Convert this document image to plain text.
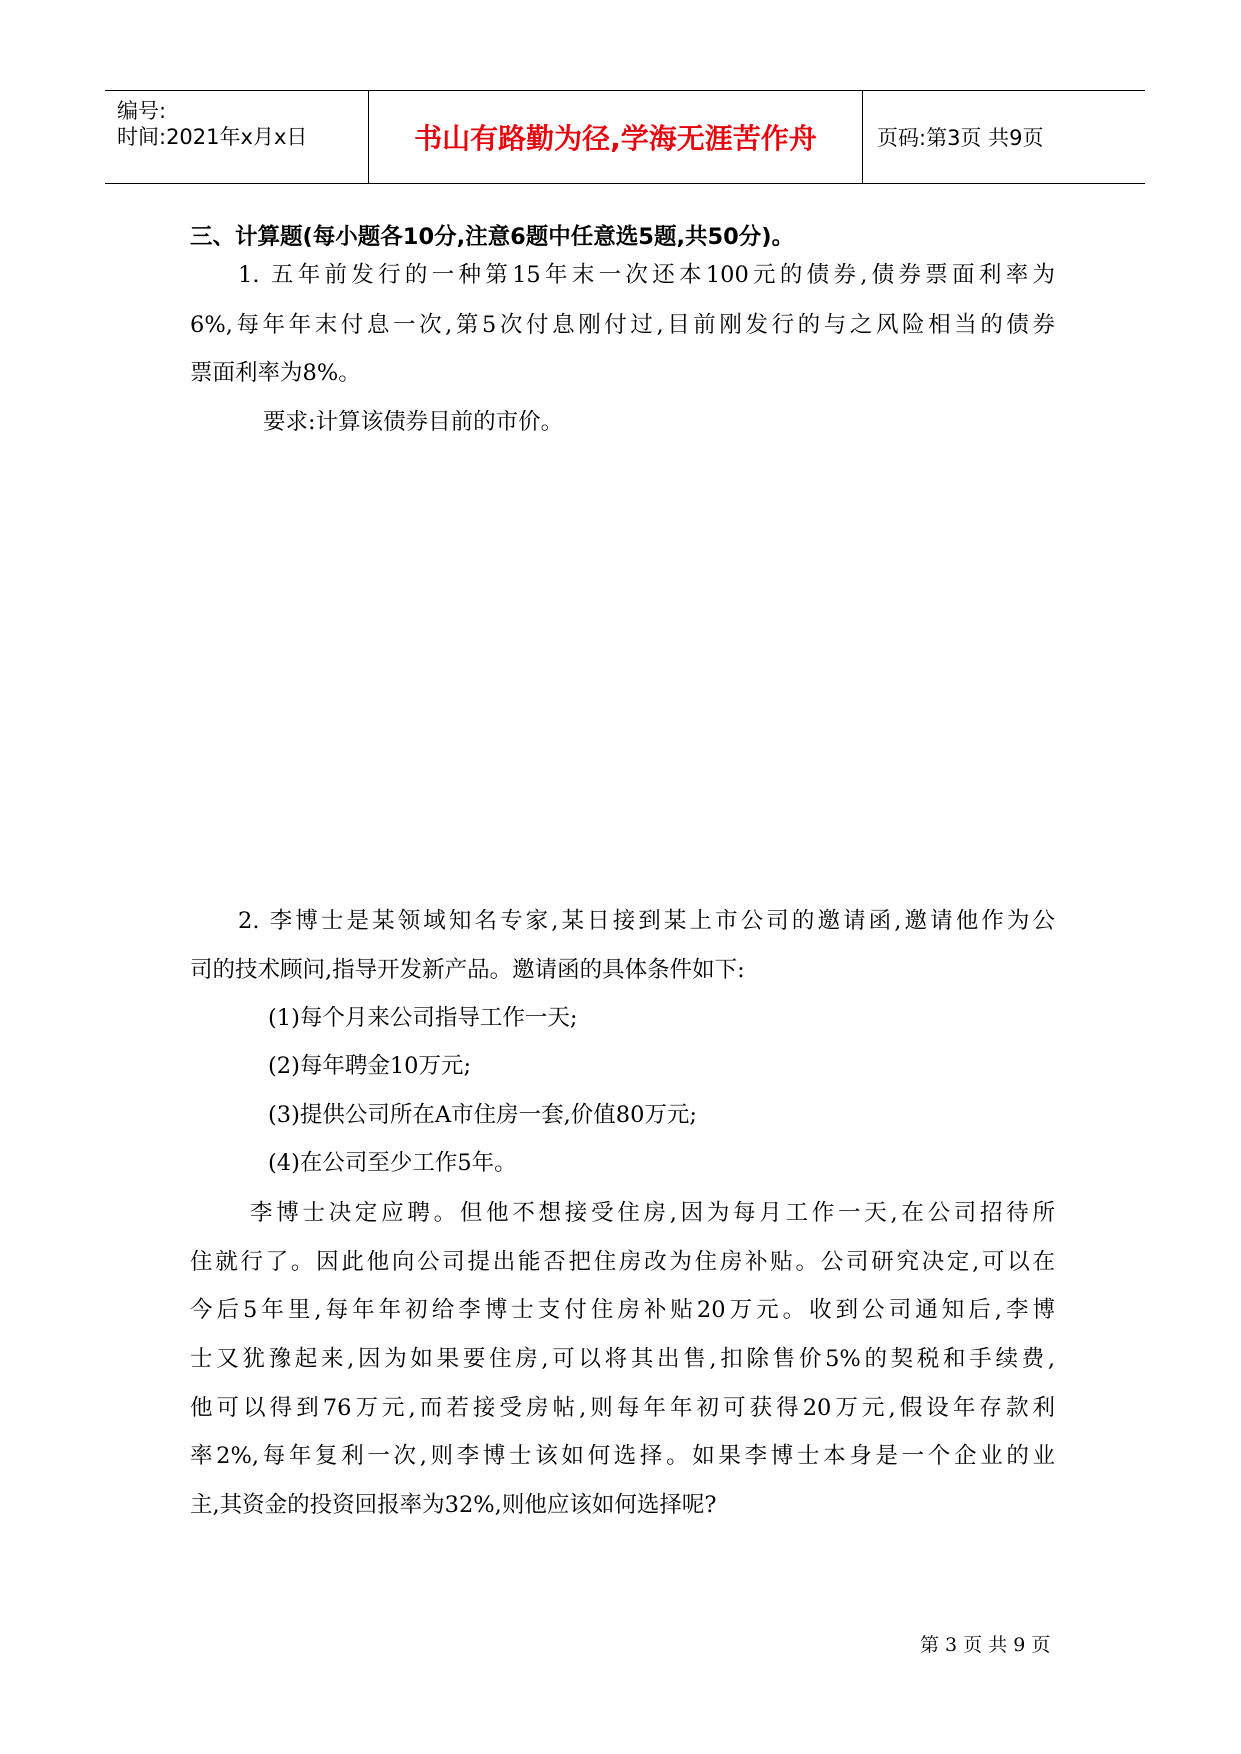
编号:
时间:2021年x月x日	书山有路勤为径,学海无涯苦作舟	页码:第3页 共9页
三、计算题(每小题各10分,注意6题中任意选5题,共50分)。
1. 五年前发行的一种第15年末一次还本100元的债券,债券票面利率为
6%,每年年末付息一次,第5次付息刚付过,目前刚发行的与之风险相当的债券
票面利率为8%。
要求:计算该债券目前的市价。
2. 李博士是某领域知名专家,某日接到某上市公司的邀请函,邀请他作为公
司的技术顾问,指导开发新产品。邀请函的具体条件如下:
(1)每个月来公司指导工作一天;
(2)每年聘金10万元;
(3)提供公司所在A市住房一套,价值80万元;
(4)在公司至少工作5年。
李博士决定应聘。但他不想接受住房,因为每月工作一天,在公司招待所
住就行了。因此他向公司提出能否把住房改为住房补贴。公司研究决定,可以在
今后5年里,每年年初给李博士支付住房补贴20万元。收到公司通知后,李博
士又犹豫起来,因为如果要住房,可以将其出售,扣除售价5%的契税和手续费,
他可以得到76万元,而若接受房帖,则每年年初可获得20万元,假设年存款利
率2%,每年复利一次,则李博士该如何选择。如果李博士本身是一个企业的业
主,其资金的投资回报率为32%,则他应该如何选择呢?
第 3 页 共 9 页
